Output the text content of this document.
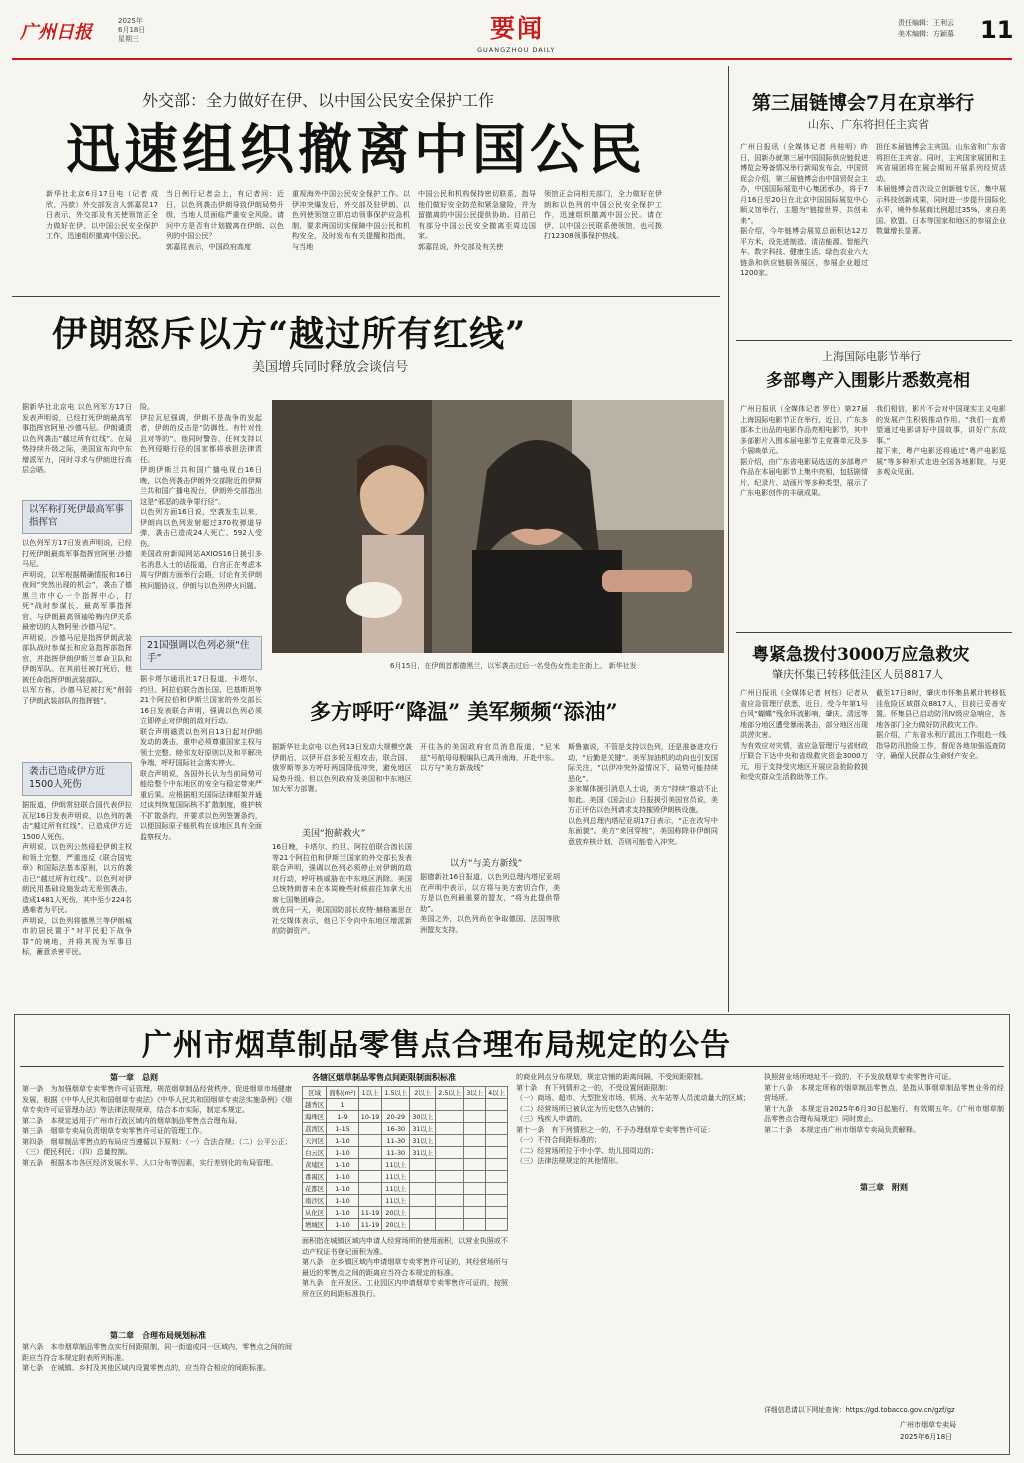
广州日报
2025年
6月18日
星期三	要闻
GUANGZHOU DAILY
责任编辑：王利云
美术编辑：方颖慕 11
外交部：全力做好在伊、以中国公民安全保护工作
迅速组织撤离中国公民
新华社北京6月17日电（记者 成欣、冯歆）外交部发言人郭嘉昆17日表示，外交部及有关使领馆正全力做好在伊、以中国公民安全保护工作，迅速组织撤离中国公民。
当日例行记者会上，有记者问：近日，以色列袭击伊朗导致伊朗局势升级，当地人员面临严重安全风险。请问中方是否有计划撤离在伊朗、以色列的中国公民？
郭嘉昆表示，中国政府高度
重视海外中国公民安全保护工作。以伊冲突爆发后，外交部及驻伊朗、以色列使领馆立即启动领事保护应急机制，要求两国切实保障中国公民和机构安全，及时发布有关提醒和指南，与当地
中国公民和机构保持密切联系，指导他们做好安全防范和紧急避险，并为留撤离的中国公民提供协助。目前已有部分中国公民安全撤离至周边国家。
郭嘉昆说，外交部及有关使
领馆正会同相关部门，全力做好在伊朗和以色列的中国公民安全保护工作，迅速组织撤离中国公民。请在伊、以中国公民联系使领馆，也可拨打12308领事保护热线。
伊朗怒斥以方“越过所有红线”
美国增兵同时释放会谈信号
据新华社北京电 以色列军方17日发表声明说，已经打死伊朗最高军事指挥官阿里·沙德马尼。伊朗谴责以色列袭击“越过所有红线”。在局势持续升级之际，美国宣布向中东增派军力，同时寻求与伊朗进行高层会晤。
以军称打死伊最高军事指挥官
以色列军方17日发表声明说，已经打死伊朗最高军事指挥官阿里·沙德马尼。
声明说，以军根据精确情报和16日夜间“突然出现的机会”，袭击了德黑兰市中心一个指挥中心，打死“战时参谋长、最高军事指挥官、与伊朗最高领袖哈梅内伊关系最密切的人物阿里·沙德马尼”。
声明说，沙德马尼是指挥伊朗武装部队战时参谋长和应急指挥部指挥官，并指挥伊朗伊斯兰革命卫队和伊朗军队。在其前任被打死后，他被任命指挥伊朗武装部队。
以军方称，沙德马尼被打死“削弱了伊朗武装部队的指挥链”。
袭击已造成伊方近1500人死伤
据报道，伊朗常驻联合国代表伊拉瓦尼16日发表声明说，以色列的袭击“越过所有红线”，已造成伊方近1500人死伤。
声明说，以色列公然侵犯伊朗主权和领土完整，严重违反《联合国宪章》和国际法基本原则，以方的袭击已“越过所有红线”。以色列对伊朗民用基础设施发动无差别袭击，造成1481人死伤，其中至少224名遇难者为平民。
声明说，以色列将德黑兰等伊朗城市的居民置于“对平民犯下战争罪”的境地，并将其视为军事目标，蓄意杀害平民。
险。
伊拉瓦尼强调，伊朗不是战争的发起者，伊朗的反击是“防御性、有针对性且对等的”。他同时警告，任何支持以色列侵略行径的国家都将承担法律责任。
伊朗伊斯兰共和国广播电视台16日晚，以色列袭击伊朗外交部附近的伊斯兰共和国广播电视台，伊朗外交部指出这是“邪恶的战争罪行径”。
以色列方面16日说，空袭发生以来，伊朗向以色列发射超过370枚弹道导弹，袭击已造成24人死亡、592人受伤。
美国政府新闻网站AXIOS16日援引多名消息人士的话报道，白宫正在考虑本周与伊朗方面举行会晤，讨论有关伊朗核问题协议、伊朗与以色列停火问题。
21国强调以色列必须“住手”
据卡塔尔通讯社17日报道，卡塔尔、约旦、阿拉伯联合酋长国、巴基斯坦等21个阿拉伯和伊斯兰国家的外交部长16日发表联合声明，强调以色列必须立即停止对伊朗的敌对行动。
联合声明谴责以色列自13日起对伊朗发动的袭击，重申必须尊重国家主权与领土完整、睦邻友好原则以及和平解决争端，呼吁国际社会落实停火。
联合声明说，各国外长认为当前局势可能给整个中东地区的安全与稳定带来严重后果。应根据相关国际法律框架并通过谈判恢复国际核不扩散制度，维护核不扩散条约，并要求以色列签署条约，以便国际原子能机构在该地区具有全面监察权力。
6月15日，在伊朗首都德黑兰，以军袭击过后一名受伤女性走在街上。 新华社发
多方呼吁“降温” 美军频频“添油”
据新华社北京电 以色列13日发动大规模空袭伊朗后，以伊开启多轮互相攻击，联合国、俄罗斯等多方呼吁两国降低冲突，避免地区局势升级。但以色列政府及美国和中东地区加大军力部署。
美国“抱薪救火”
16日晚，卡塔尔、约旦、阿拉伯联合酋长国等21个阿拉伯和伊斯兰国家的外交部长发表联合声明，强调以色列必须停止对伊朗的敌对行动，呼吁核威胁在中东地区消除。美国总统特朗普未在本周晚些时候前往加拿大出席七国集团峰会。
就在同一天，美国国防部长皮特·赫格塞思在社交媒体表示，他已下令向中东地区增派新的防御资产。
开往各的美国政府官员消息报道，“尼米兹”号航母母舰编队已离开南海，开赴中东。
以方与“美方新战线”
以方“与美方新线”
据德新社16日报道，以色列总理内塔尼亚胡在声明中表示，以方将与美方密切合作，美方是以色列最重要的盟友，“将为此提供帮助”。
美国之外，以色列尚在争取德国、法国等欧洲盟友支持。
斯鲁塞说，不管是支持以色列，还是准备进攻行动，“后勤是关键”。美军加油机的动向也引发国际关注，“以伊冲突外溢情况下，局势可能持续恶化”。
多家媒体援引消息人士说，美方“持续”推动不止如此。美国《国会山》日报援引美国官员说，美方正评估以色列请求支持摧毁伊朗核设施。
以色列总理内塔尼亚胡17日表示，“正在改写中东面貌”。美方“来回穿梭”，美国称除非伊朗同意放弃核计划，否则可能卷入冲突。
第三届链博会7月在京举行
山东、广东将担任主宾省
广州日报讯（全媒体记者 肖桂明）昨日，国新办就第三届中国国际供应链促进博览会筹备情况举行新闻发布会，中国贸促会介绍，第三届链博会由中国贸促会主办，中国国际展览中心集团承办，将于7月16日至20日在北京中国国际展览中心顺义馆举行，主题为“链接世界，共创未来”。
据介绍，今年链博会展览总面积达12万平方米，设先进制造、清洁能源、智能汽车、数字科技、健康生活、绿色农业六大链条和供应链服务展区，参展企业超过1200家。
担任本届链博会主宾国。山东省和广东省将担任主宾省。同时，主宾国家展团和主宾省展团将在展会期间开展系列经贸活动。
本届链博会首次设立创新链专区，集中展示科技创新成果，同时进一步提升国际化水平，境外参展商比例超过35%，来自美国、欧盟、日本等国家和地区的参展企业数量增长显著。
上海国际电影节举行
多部粤产入围影片悉数亮相
广州日报讯（全媒体记者 罗仕）第27届上海国际电影节正在举行，近日，广东多部本土出品的电影作品亮相电影节，其中多部影片入围本届电影节主竞赛单元及多个展映单元。
据介绍，由广东省电影局选送的多部粤产作品在本届电影节上集中亮相，包括剧情片、纪录片、动画片等多种类型，展示了广东电影创作的丰硕成果。
我们相信，影片不会对中国现实主义电影的发展产生积极推动作用。“我们一直希望通过电影讲好中国故事，讲好广东故事。”
接下来，粤产电影还将通过“粤产电影巡展”等多种形式走进全国各地影院，与更多观众见面。
粤紧急拨付3000万应急救灾
肇庆怀集已转移低洼区人员8817人
广州日报讯（全媒体记者 何钰）记者从省应急管理厅获悉，近日，受今年第1号台风“蝴蝶”残余环流影响，肇庆、清远等地部分地区遭受暴雨袭击，部分地区出现洪涝灾害。
为有效应对灾情，省应急管理厅与省财政厅联合下达中央和省级救灾资金3000万元，用于支持受灾地区开展应急抢险救援和受灾群众生活救助等工作。
截至17日8时，肇庆市怀集县累计转移低洼危险区域群众8817人，目前已妥善安置。怀集县已启动防汛Ⅳ级应急响应，各地各部门全力做好防汛救灾工作。
据介绍，广东省水利厅派出工作组赴一线指导防汛抢险工作，督促各地加强巡查防守，确保人民群众生命财产安全。
广州市烟草制品零售点合理布局规定的公告
第一章　总则
第一条　为加强烟草专卖零售许可证管理，规范烟草制品经营秩序，促进烟草市场健康发展，根据《中华人民共和国烟草专卖法》《中华人民共和国烟草专卖法实施条例》《烟草专卖许可证管理办法》等法律法规规章，结合本市实际，制定本规定。
第二条　本规定适用于广州市行政区域内的烟草制品零售点合理布局。
第三条　烟草专卖局负责烟草专卖零售许可证的管理工作。
第四条　烟草制品零售点的布局应当遵循以下原则：（一）合法合规；（二）公平公正；（三）便民利民；（四）总量控制。
第五条　根据本市各区经济发展水平、人口分布等因素，实行差别化的布局管理。
第二章　合理布局规划标准
第六条　本市烟草制品零售点实行间距限制，同一街道或同一区域内，零售点之间的间距应当符合本规定附表所列标准。
第七条　在城镇、乡村及其他区域内设置零售点的，应当符合相应的间距标准。
各辖区烟草制品零售点间距限制面积标准
区域	面积(m²)	1以上	1.5以上	2以上	2.5以上	3以上	4以上
越秀区	1						
海珠区	1-9	10-19	20-29	30以上			
荔湾区	1-15		16-30	31以上			
天河区	1-10		11-30	31以上			
白云区	1-10		11-30	31以上			
黄埔区	1-10		11以上				
番禺区	1-10		11以上				
花都区	1-10		11以上				
南沙区	1-10		11以上				
从化区	1-10	11-19	20以上				
增城区	1-10	11-19	20以上				
面积指在城镇区域内申请人经营场所的使用面积，以营业执照或不动产权证书登记面积为准。
第八条　在乡镇区域内申请烟草专卖零售许可证的，其经营场所与最近的零售点之间的距离应当符合本规定的标准。
第九条　在开发区、工业园区内申请烟草专卖零售许可证的，按照所在区的间距标准执行。
的商业网点分布规划，规定店铺的距离间隔，不受间距限制。
第十条　有下列情形之一的，不受设置间距限制：
（一）商场、超市、大型批发市场、机场、火车站等人员流动量大的区域；
（二）经营场所已被认定为历史悠久店铺的；
（三）残疾人申请的。
第十一条　有下列情形之一的，不予办理烟草专卖零售许可证：
（一）不符合间距标准的；
（二）经营场所位于中小学、幼儿园周边的；
（三）法律法规规定的其他情形。
第三章　附则
执照营业场所地址不一致的，不予发放烟草专卖零售许可证。
第十八条　本规定所称的烟草制品零售点，是指从事烟草制品零售业务的经营场所。
第十九条　本规定自2025年6月30日起施行，有效期五年。《广州市烟草制品零售点合理布局规定》同时废止。
第二十条　本规定由广州市烟草专卖局负责解释。
详细信息请以下网址查询：https://gd.tobacco.gov.cn/gzf/gz
广州市烟草专卖局
2025年6月18日
